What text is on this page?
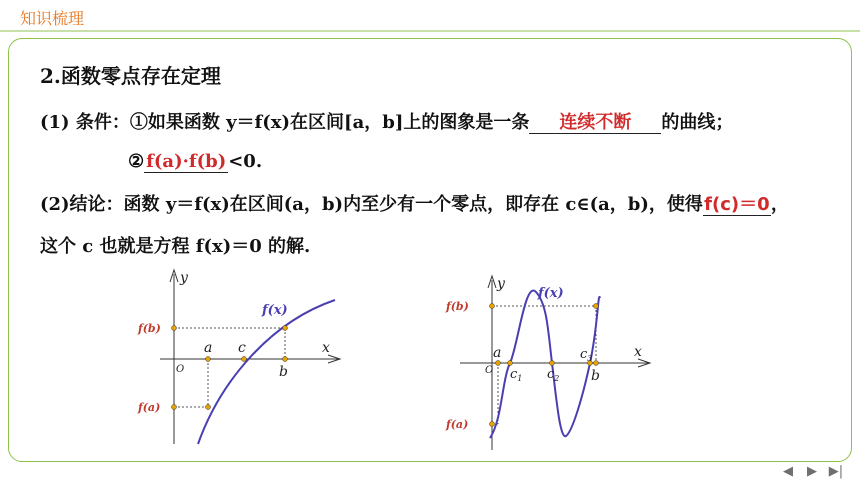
知识梳理
2.函数零点存在定理
(1) 条件：①如果函数 y＝f(x)在区间[a，b]上的图象是一条 连续不断 的曲线；
② f(a)·f(b) <0.
(2)结论：函数 y＝f(x)在区间(a，b)内至少有一个零点，即存在 c∈(a，b)，使得f(c)＝0，
这个 c 也就是方程 f(x)＝0 的解.
y
x
O
f(x)
f(b)
f(a)
a c
b
y
x
O
f(x)
f(b)
f(a)
a
b
$c_1$ $c_2$
$c_3$
◀	▶ ▶|
